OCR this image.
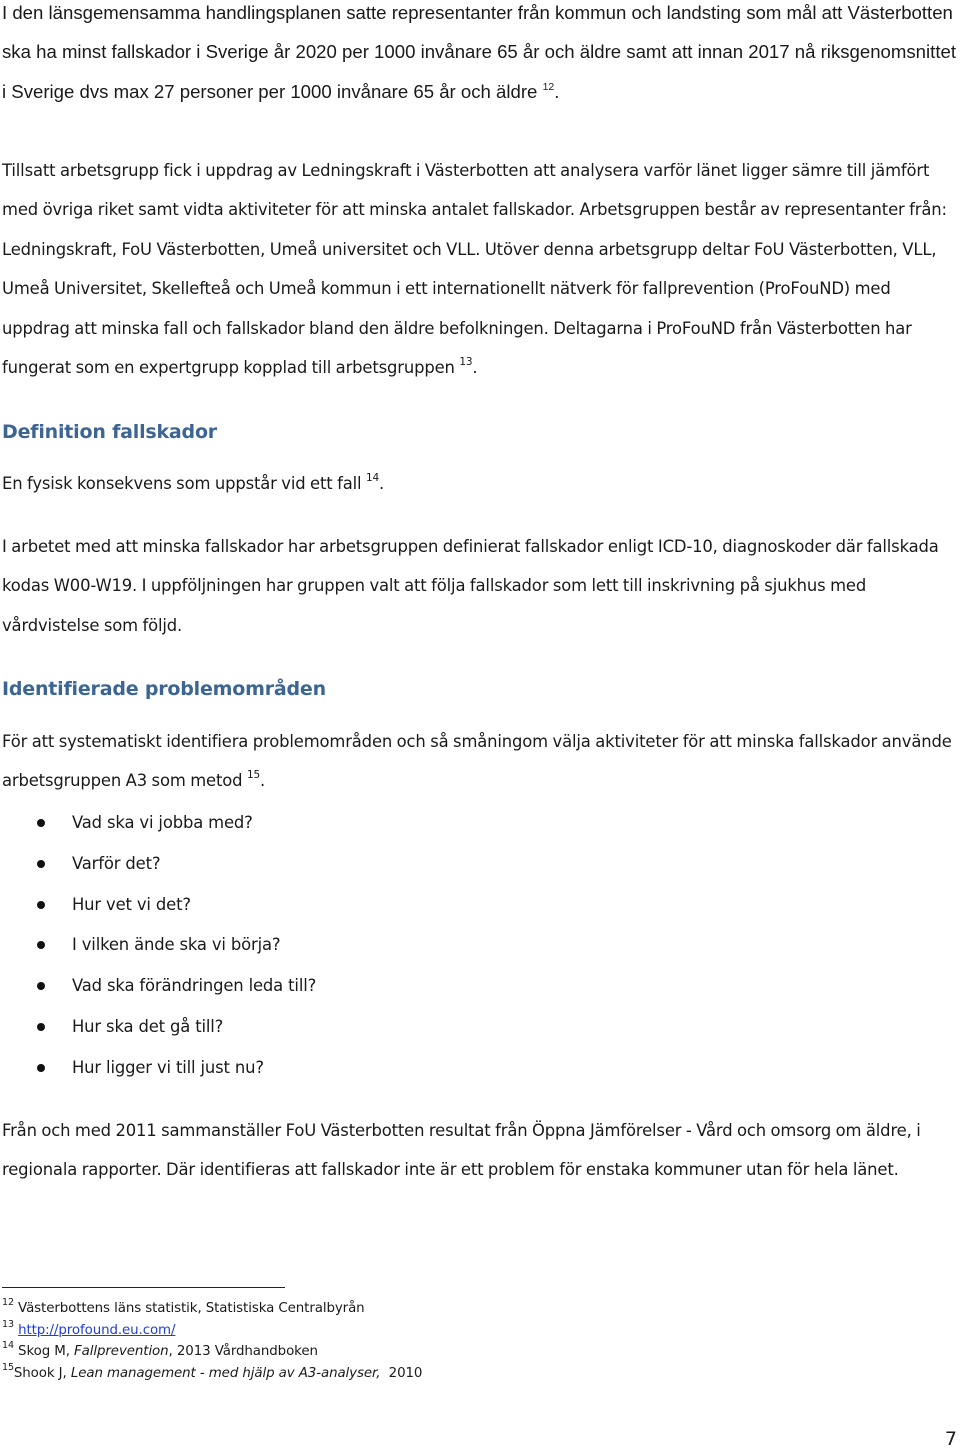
I den länsgemensamma handlingsplanen satte representanter från kommun och landsting som mål att Västerbotten ska ha minst fallskador i Sverige år 2020 per 1000 invånare 65 år och äldre samt att innan 2017 nå riksgenomsnittet i Sverige dvs max 27 personer per 1000 invånare 65 år och äldre $^{12}$.

Tillsatt arbetsgrupp fick i uppdrag av Ledningskraft i Västerbotten att analysera varför länet ligger sämre till jämfört med övriga riket samt vidta aktiviteter för att minska antalet fallskador. Arbetsgruppen består av representanter från: Ledningskraft, FoU Västerbotten, Umeå universitet och VLL. Utöver denna arbetsgrupp deltar FoU Västerbotten, VLL, Umeå Universitet, Skellefteå och Umeå kommun i ett internationellt nätverk för fallprevention (ProFouND) med uppdrag att minska fall och fallskador bland den äldre befolkningen. Deltagarna i ProFouND från Västerbotten har fungerat som en expertgrupp kopplad till arbetsgruppen $^{13}$.

Definition fallskador

En fysisk konsekvens som uppstår vid ett fall $^{14}$.

I arbetet med att minska fallskador har arbetsgruppen definierat fallskador enligt ICD-10, diagnoskoder där fallskada kodas W00-W19. I uppföljningen har gruppen valt att följa fallskador som lett till inskrivning på sjukhus med vårdvistelse som följd.

Identifierade problemområden

För att systematiskt identifiera problemområden och så småningom välja aktiviteter för att minska fallskador använde arbetsgruppen A3 som metod $^{15}$.

Vad ska vi jobba med?
Varför det?
Hur vet vi det?
I vilken ände ska vi börja?
Vad ska förändringen leda till?
Hur ska det gå till?
Hur ligger vi till just nu?

Från och med 2011 sammanställer FoU Västerbotten resultat från Öppna Jämförelser - Vård och omsorg om äldre, i regionala rapporter. Där identifieras att fallskador inte är ett problem för enstaka kommuner utan för hela länet.

$^{12}$ Västerbottens läns statistik, Statistiska Centralbyrån
$^{13}$ http://profound.eu.com/
$^{14}$ Skog M, Fallprevention, 2013 Vårdhandboken
$^{15}$Shook J, Lean management - med hjälp av A3-analyser,  2010
7
